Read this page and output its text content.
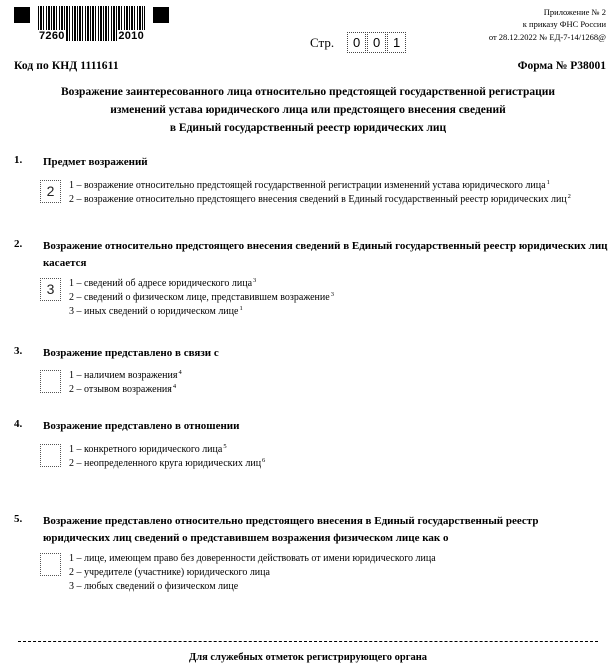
7260	2010
Код по КНД 1111611
Стр.	0 0 1
Приложение № 2
к приказу ФНС России
от 28.12.2022 № ЕД-7-14/1268@
Форма № Р38001
Возражение заинтересованного лица относительно предстоящей государственной регистрации
изменений устава юридического лица или предстоящего внесения сведений
в Единый государственный реестр юридических лиц
1. Предмет возражений
2	1 – возражение относительно предстоящей государственной регистрации изменений устава юридического лица$^1$
2 – возражение относительно предстоящего внесения сведений в Единый государственный реестр юридических лиц$^2$
2. Возражение относительно предстоящего внесения сведений в Единый государственный реестр юридических лиц касается
3	1 – сведений об адресе юридического лица$^3$
2 – сведений о физическом лице, представившем возражение$^3$
3 – иных сведений о юридическом лице$^1$
3. Возражение представлено в связи с
1 – наличием возражения$^4$
2 – отзывом возражения$^4$
4. Возражение представлено в отношении
1 – конкретного юридического лица$^5$
2 – неопределенного круга юридических лиц$^6$
5. Возражение представлено относительно предстоящего внесения в Единый государственный реестр юридических лиц сведений о представившем возражения физическом лице как о
1 – лице, имеющем право без доверенности действовать от имени юридического лица
2 – учредителе (участнике) юридического лица
3 – любых сведений о физическом лице
Для служебных отметок регистрирующего органа
